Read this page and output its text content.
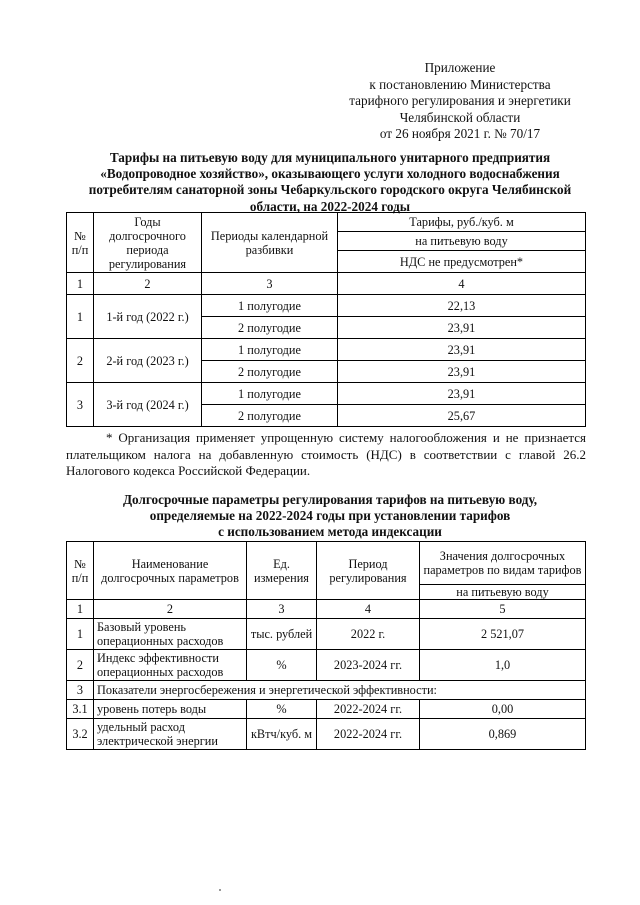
Приложение
к постановлению Министерства
тарифного регулирования и энергетики
Челябинской области
от 26 ноября 2021 г. № 70/17
Тарифы на питьевую воду для муниципального унитарного предприятия
«Водопроводное хозяйство», оказывающего услуги холодного водоснабжения
потребителям санаторной зоны Чебаркульского городского округа Челябинской
области, на 2022-2024 годы
№ п/п	Годы долгосрочного периода регулирования	Периоды календарной разбивки	Тарифы, руб./куб. м
			на питьевую воду
			НДС не предусмотрен*
1	2	3	4
1	1-й год (2022 г.)	1 полугодие	22,13
		2 полугодие	23,91
2	2-й год (2023 г.)	1 полугодие	23,91
		2 полугодие	23,91
3	3-й год (2024 г.)	1 полугодие	23,91
		2 полугодие	25,67

* Организация применяет упрощенную систему налогообложения и не признается плательщиком налога на добавленную стоимость (НДС) в соответствии с главой 26.2 Налогового кодекса Российской Федерации.

Долгосрочные параметры регулирования тарифов на питьевую воду,
определяемые на 2022-2024 годы при установлении тарифов
с использованием метода индексации
№ п/п	Наименование долгосрочных параметров	Ед. измерения	Период регулирования	Значения долгосрочных параметров по видам тарифов
				на питьевую воду
1	2	3	4	5
1	Базовый уровень операционных расходов	тыс. рублей	2022 г.	2 521,07
2	Индекс эффективности операционных расходов	%	2023-2024 гг.	1,0
3	Показатели энергосбережения и энергетической эффективности:			
3.1	уровень потерь воды	%	2022-2024 гг.	0,00
3.2	удельный расход электрической энергии	кВтч/куб. м	2022-2024 гг.	0,869
